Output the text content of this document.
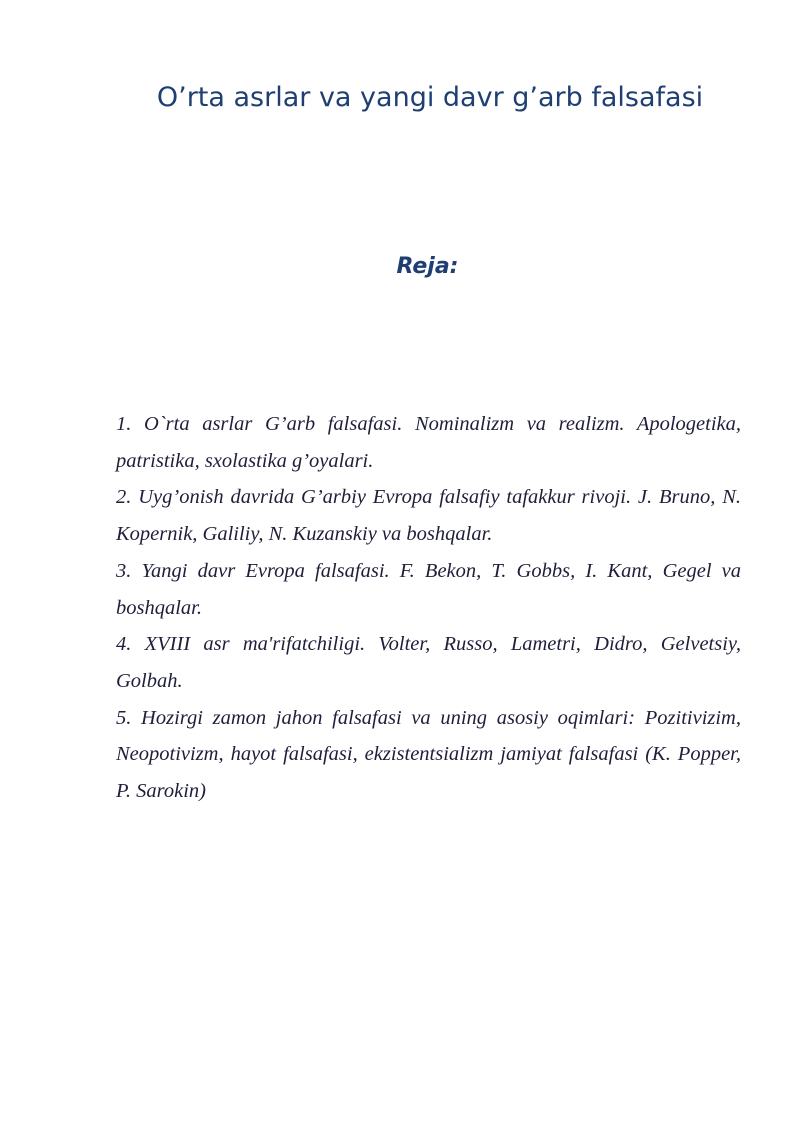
O’rta asrlar va yangi davr g’arb falsafasi
Reja:

1. O`rta asrlar G’arb falsafasi. Nominalizm va realizm. Apologetika, patristika, sxolastika g’oyalari.

2. Uyg’onish davrida G’arbiy Evropa falsafiy tafakkur rivoji. J. Bruno, N. Kopernik, Galiliy, N. Kuzanskiy va boshqalar.

3. Yangi davr Evropa falsafasi. F. Bekon, T. Gobbs, I. Kant, Gegel va boshqalar.

4. XVIII asr ma'rifatchiligi. Volter, Russo, Lametri, Didro, Gelvetsiy, Golbah.

5. Hozirgi zamon jahon falsafasi va uning asosiy oqimlari: Pozitivizim, Neopotivizm, hayot falsafasi, ekzistentsializm jamiyat falsafasi (K. Popper, P. Sarokin)
